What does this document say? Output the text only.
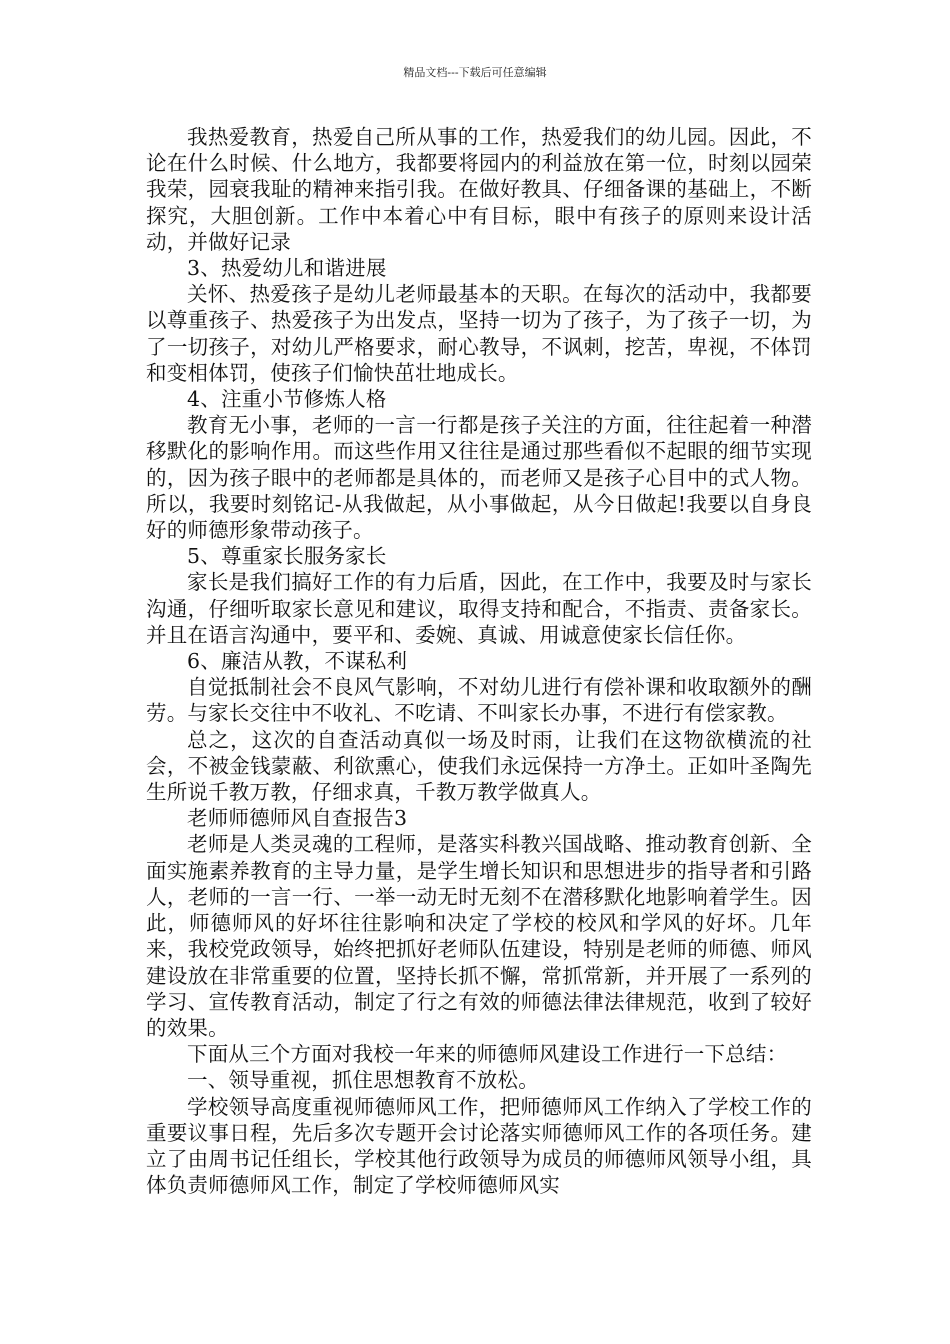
精品文档---下载后可任意编辑

我热爱教育，热爱自己所从事的工作，热爱我们的幼儿园。因此，不论在什么时候、什么地方，我都要将园内的利益放在第一位，时刻以园荣我荣，园衰我耻的精神来指引我。在做好教具、仔细备课的基础上，不断探究，大胆创新。工作中本着心中有目标，眼中有孩子的原则来设计活动，并做好记录

3、热爱幼儿和谐进展

关怀、热爱孩子是幼儿老师最基本的天职。在每次的活动中，我都要以尊重孩子、热爱孩子为出发点，坚持一切为了孩子，为了孩子一切，为了一切孩子，对幼儿严格要求，耐心教导，不讽刺，挖苦，卑视，不体罚和变相体罚，使孩子们愉快茁壮地成长。

4、注重小节修炼人格

教育无小事，老师的一言一行都是孩子关注的方面，往往起着一种潜移默化的影响作用。而这些作用又往往是通过那些看似不起眼的细节实现的，因为孩子眼中的老师都是具体的，而老师又是孩子心目中的式人物。所以，我要时刻铭记-从我做起，从小事做起，从今日做起!我要以自身良好的师德形象带动孩子。

5、尊重家长服务家长

家长是我们搞好工作的有力后盾，因此，在工作中，我要及时与家长沟通，仔细听取家长意见和建议，取得支持和配合，不指责、责备家长。并且在语言沟通中，要平和、委婉、真诚、用诚意使家长信任你。

6、廉洁从教，不谋私利

自觉抵制社会不良风气影响，不对幼儿进行有偿补课和收取额外的酬劳。与家长交往中不收礼、不吃请、不叫家长办事，不进行有偿家教。

总之，这次的自查活动真似一场及时雨，让我们在这物欲横流的社会，不被金钱蒙蔽、利欲熏心，使我们永远保持一方净土。正如叶圣陶先生所说千教万教，仔细求真，千教万教学做真人。

老师师德师风自查报告3

老师是人类灵魂的工程师，是落实科教兴国战略、推动教育创新、全面实施素养教育的主导力量，是学生增长知识和思想进步的指导者和引路人，老师的一言一行、一举一动无时无刻不在潜移默化地影响着学生。因此，师德师风的好坏往往影响和决定了学校的校风和学风的好坏。几年来，我校党政领导，始终把抓好老师队伍建设，特别是老师的师德、师风建设放在非常重要的位置，坚持长抓不懈，常抓常新，并开展了一系列的学习、宣传教育活动，制定了行之有效的师德法律法律规范，收到了较好的效果。

下面从三个方面对我校一年来的师德师风建设工作进行一下总结：

一、领导重视，抓住思想教育不放松。

学校领导高度重视师德师风工作，把师德师风工作纳入了学校工作的重要议事日程，先后多次专题开会讨论落实师德师风工作的各项任务。建立了由周书记任组长，学校其他行政领导为成员的师德师风领导小组，具体负责师德师风工作，制定了学校师德师风实
